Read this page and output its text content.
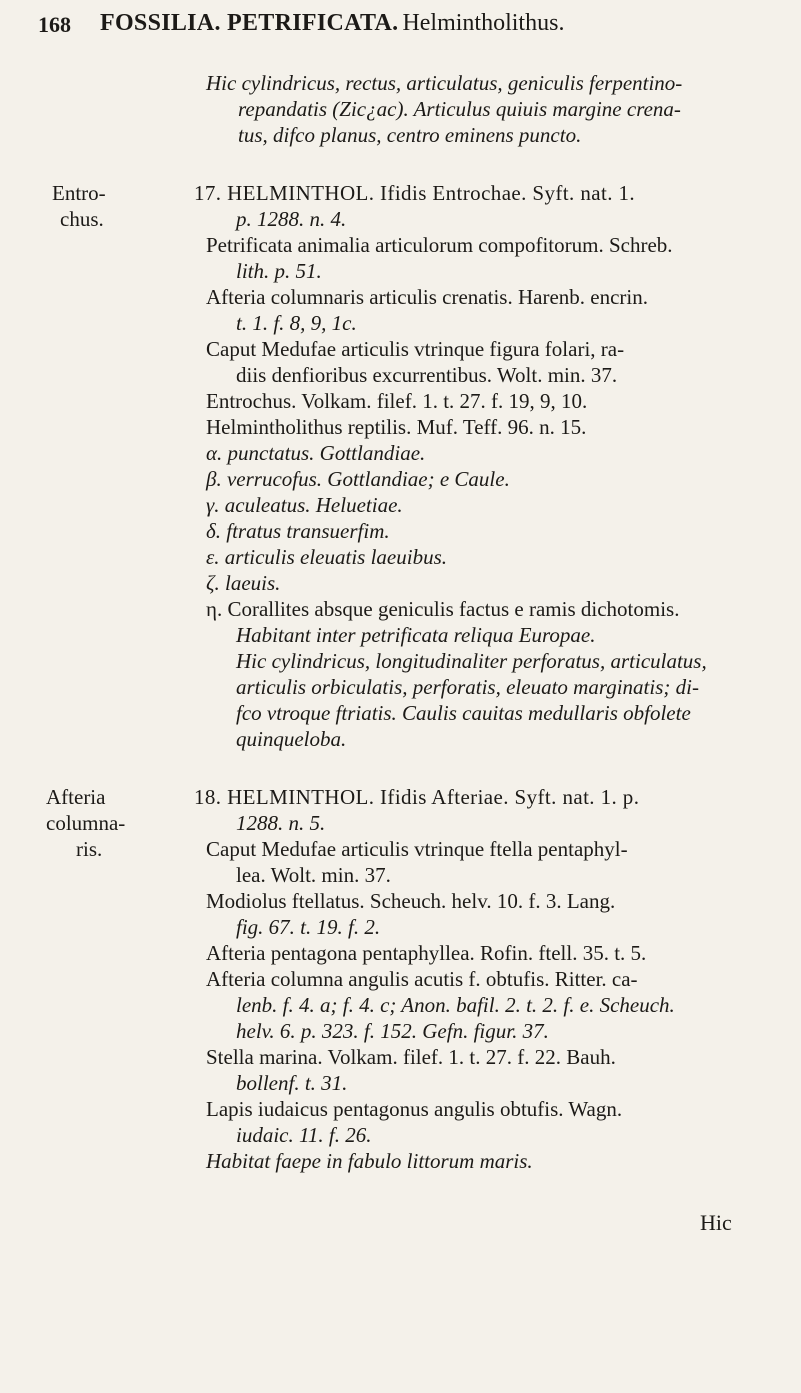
168 FOSSILIA. PETRIFICATA. Helmintholithus.
Hic cylindricus, rectus, articulatus, geniculis ferpentino-
repandatis (Zic¿ac). Articulus quiuis margine crena-
tus, difco planus, centro eminens puncto.
Entro-
chus.
17. HELMINTHOL. Ifidis Entrochae. Syft. nat. 1.
p. 1288. n. 4.
Petrificata animalia articulorum compofitorum. Schreb.
lith. p. 51.
Afteria columnaris articulis crenatis. Harenb. encrin.
t. 1. f. 8, 9, 1c.
Caput Medufae articulis vtrinque figura folari, ra-
diis denfioribus excurrentibus. Wolt. min. 37.
Entrochus. Volkam. filef. 1. t. 27. f. 19, 9, 10.
Helmintholithus reptilis. Muf. Teff. 96. n. 15.
α. punctatus. Gottlandiae.
β. verrucofus. Gottlandiae; e Caule.
γ. aculeatus. Heluetiae.
δ. ftratus transuerfim.
ε. articulis eleuatis laeuibus.
ζ. laeuis.
η. Corallites absque geniculis factus e ramis dichotomis.
Habitant inter petrificata reliqua Europae.
Hic cylindricus, longitudinaliter perforatus, articulatus,
articulis orbiculatis, perforatis, eleuato marginatis; di-
fco vtroque ftriatis. Caulis cauitas medullaris obfolete
quinqueloba.
Afteria
columna-
ris.
18. HELMINTHOL. Ifidis Afteriae. Syft. nat. 1. p.
1288. n. 5.
Caput Medufae articulis vtrinque ftella pentaphyl-
lea. Wolt. min. 37.
Modiolus ftellatus. Scheuch. helv. 10. f. 3. Lang.
fig. 67. t. 19. f. 2.
Afteria pentagona pentaphyllea. Rofin. ftell. 35. t. 5.
Afteria columna angulis acutis f. obtufis. Ritter. ca-
lenb. f. 4. a; f. 4. c; Anon. bafil. 2. t. 2. f. e. Scheuch.
helv. 6. p. 323. f. 152. Gefn. figur. 37.
Stella marina. Volkam. filef. 1. t. 27. f. 22. Bauh.
bollenf. t. 31.
Lapis iudaicus pentagonus angulis obtufis. Wagn.
iudaic. 11. f. 26.
Habitat faepe in fabulo littorum maris.
Hic
